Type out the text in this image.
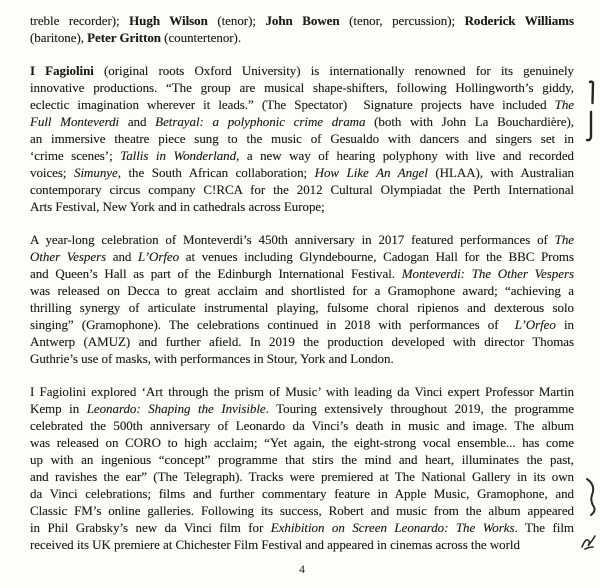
treble recorder); Hugh Wilson (tenor); John Bowen (tenor, percussion); Roderick Williams
(baritone), Peter Gritton (countertenor).
I Fagiolini (original roots Oxford University) is internationally renowned for its genuinely
innovative productions. “The group are musical shape-shifters, following Hollingworth’s giddy,
eclectic imagination wherever it leads.” (The Spectator)  Signature projects have included The
Full Monteverdi and Betrayal: a polyphonic crime drama (both with John La Bouchardière),
an immersive theatre piece sung to the music of Gesualdo with dancers and singers set in
‘crime scenes’; Tallis in Wonderland, a new way of hearing polyphony with live and recorded
voices; Simunye, the South African collaboration; How Like An Angel (HLAA), with Australian
contemporary circus company C!RCA for the 2012 Cultural Olympiadat the Perth International
Arts Festival, New York and in cathedrals across Europe;
A year-long celebration of Monteverdi’s 450th anniversary in 2017 featured performances of The
Other Vespers and L’Orfeo at venues including Glyndebourne, Cadogan Hall for the BBC Proms
and Queen’s Hall as part of the Edinburgh International Festival. Monteverdi: The Other Vespers
was released on Decca to great acclaim and shortlisted for a Gramophone award; “achieving a
thrilling synergy of articulate instrumental playing, fulsome choral ripienos and dexterous solo
singing” (Gramophone). The celebrations continued in 2018 with performances of  L’Orfeo in
Antwerp (AMUZ) and further afield. In 2019 the production developed with director Thomas
Guthrie’s use of masks, with performances in Stour, York and London.
I Fagiolini explored ‘Art through the prism of Music’ with leading da Vinci expert Professor Martin
Kemp in Leonardo: Shaping the Invisible. Touring extensively throughout 2019, the programme
celebrated the 500th anniversary of Leonardo da Vinci’s death in music and image. The album
was released on CORO to high acclaim; “Yet again, the eight-strong vocal ensemble... has come
up with an ingenious “concept” programme that stirs the mind and heart, illuminates the past,
and ravishes the ear” (The Telegraph). Tracks were premiered at The National Gallery in its own
da Vinci celebrations; films and further commentary feature in Apple Music, Gramophone, and
Classic FM’s online galleries. Following its success, Robert and music from the album appeared
in Phil Grabsky’s new da Vinci film for Exhibition on Screen Leonardo: The Works. The film
received its UK premiere at Chichester Film Festival and appeared in cinemas across the world
4
